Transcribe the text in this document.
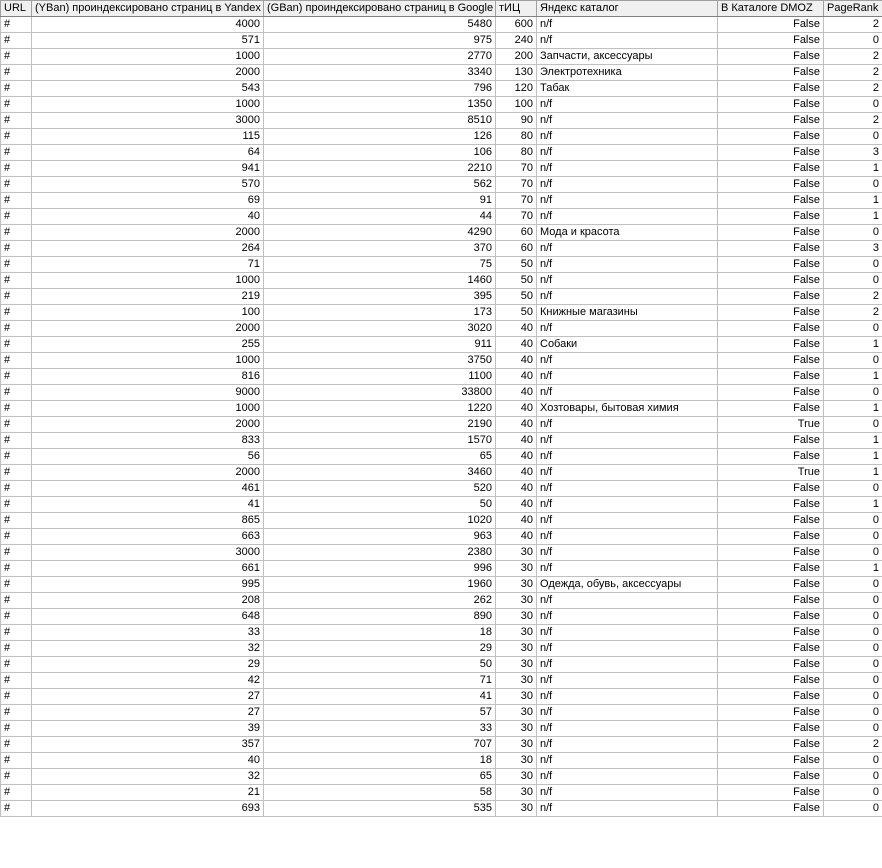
URL	(YBan) проиндексировано страниц в Yandex	(GBan) проиндексировано страниц в Google	тИЦ	Яндекс каталог	В Каталоге DMOZ	PageRank
#	4000	5480	600	n/f	False	2
#	571	975	240	n/f	False	0
#	1000	2770	200	Запчасти, аксессуары	False	2
#	2000	3340	130	Электротехника	False	2
#	543	796	120	Табак	False	2
#	1000	1350	100	n/f	False	0
#	3000	8510	90	n/f	False	2
#	115	126	80	n/f	False	0
#	64	106	80	n/f	False	3
#	941	2210	70	n/f	False	1
#	570	562	70	n/f	False	0
#	69	91	70	n/f	False	1
#	40	44	70	n/f	False	1
#	2000	4290	60	Мода и красота	False	0
#	264	370	60	n/f	False	3
#	71	75	50	n/f	False	0
#	1000	1460	50	n/f	False	0
#	219	395	50	n/f	False	2
#	100	173	50	Книжные магазины	False	2
#	2000	3020	40	n/f	False	0
#	255	911	40	Собаки	False	1
#	1000	3750	40	n/f	False	0
#	816	1100	40	n/f	False	1
#	9000	33800	40	n/f	False	0
#	1000	1220	40	Хозтовары, бытовая химия	False	1
#	2000	2190	40	n/f	True	0
#	833	1570	40	n/f	False	1
#	56	65	40	n/f	False	1
#	2000	3460	40	n/f	True	1
#	461	520	40	n/f	False	0
#	41	50	40	n/f	False	1
#	865	1020	40	n/f	False	0
#	663	963	40	n/f	False	0
#	3000	2380	30	n/f	False	0
#	661	996	30	n/f	False	1
#	995	1960	30	Одежда, обувь, аксессуары	False	0
#	208	262	30	n/f	False	0
#	648	890	30	n/f	False	0
#	33	18	30	n/f	False	0
#	32	29	30	n/f	False	0
#	29	50	30	n/f	False	0
#	42	71	30	n/f	False	0
#	27	41	30	n/f	False	0
#	27	57	30	n/f	False	0
#	39	33	30	n/f	False	0
#	357	707	30	n/f	False	2
#	40	18	30	n/f	False	0
#	32	65	30	n/f	False	0
#	21	58	30	n/f	False	0
#	693	535	30	n/f	False	0
